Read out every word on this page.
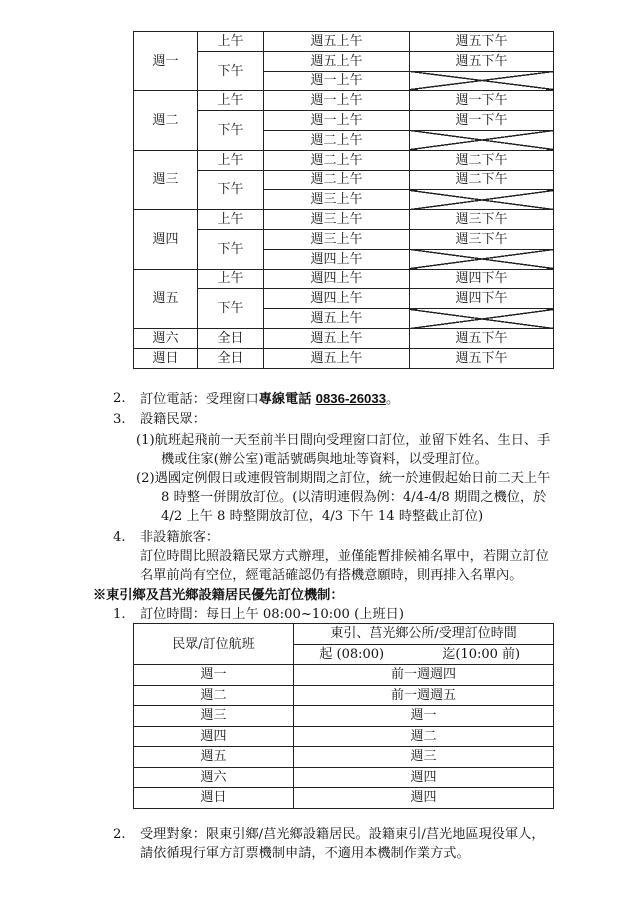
週一	上午	週五上午	週五下午
	下午	週五上午	週五下午
		週一上午	
週二	上午	週一上午	週一下午
	下午	週一上午	週一下午
		週二上午	
週三	上午	週二上午	週二下午
	下午	週二上午	週二下午
		週三上午	
週四	上午	週三上午	週三下午
	下午	週三上午	週三下午
		週四上午	
週五	上午	週四上午	週四下午
	下午	週四上午	週四下午
		週五上午	
週六	全日	週五上午	週五下午
週日	全日	週五上午	週五下午
2. 訂位電話：受理窗口專線電話 0836-26033。
3. 設籍民眾：
(1)航班起飛前一天至前半日間向受理窗口訂位，並留下姓名、生日、手
機或住家(辦公室)電話號碼與地址等資料，以受理訂位。
(2)遇國定例假日或連假管制期間之訂位，統一於連假起始日前二天上午
8 時整一併開放訂位。(以清明連假為例：4/4-4/8 期間之機位，於
4/2 上午 8 時整開放訂位，4/3 下午 14 時整截止訂位)
4. 非設籍旅客：
訂位時間比照設籍民眾方式辦理，並僅能暫排候補名單中，若開立訂位
名單前尚有空位，經電話確認仍有搭機意願時，則再排入名單內。
※東引鄉及莒光鄉設籍居民優先訂位機制：
1. 訂位時間：每日上午 08:00~10:00 (上班日)
民眾/訂位航班	東引、莒光鄉公所/受理訂位時間	
	起 (08:00)	迄(10:00 前)
週一	前一週週四	
週二	前一週週五	
週三	週一	
週四	週二	
週五	週三	
週六	週四	
週日	週四	
2. 受理對象：限東引鄉/莒光鄉設籍居民。設籍東引/莒光地區現役軍人，
請依循現行軍方訂票機制申請，不適用本機制作業方式。
